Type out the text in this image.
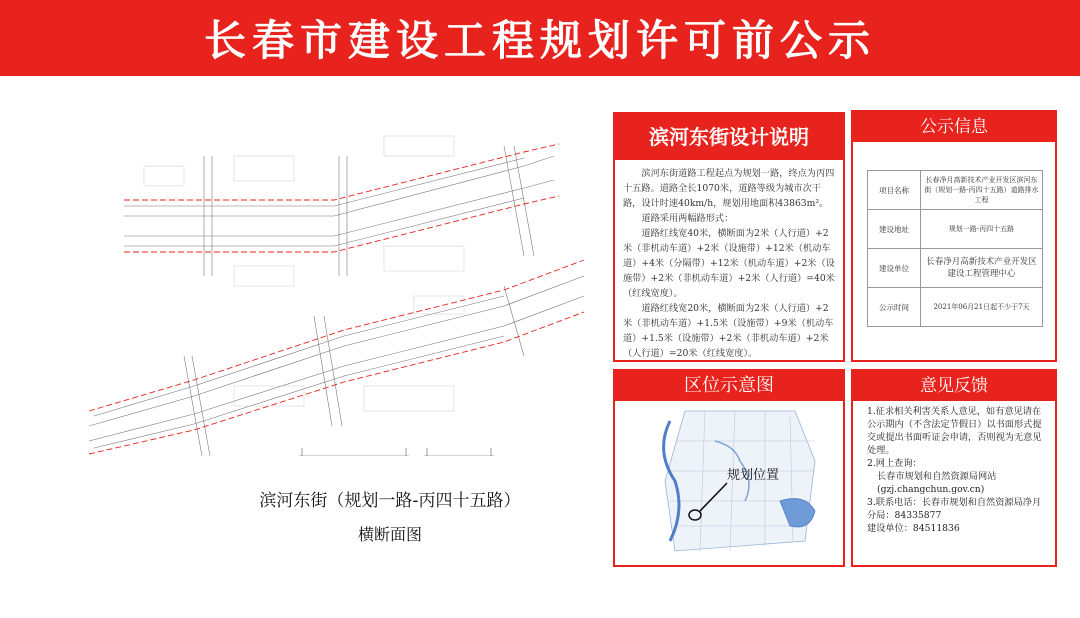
长春市建设工程规划许可前公示
滨河东街（规划一路-丙四十五路）
横断面图
滨河东街设计说明

滨河东街道路工程起点为规划一路，终点为丙四十五路。道路全长1070米，道路等级为城市次干路，设计时速40km/h，规划用地面积43863m²。

道路采用两幅路形式：

道路红线宽40米，横断面为2米（人行道）+2米（非机动车道）+2米（设施带）+12米（机动车道）+4米（分隔带）+12米（机动车道）+2米（设施带）+2米（非机动车道）+2米（人行道）=40米（红线宽度）。

道路红线宽20米，横断面为2米（人行道）+2米（非机动车道）+1.5米（设施带）+9米（机动车道）+1.5米（设施带）+2米（非机动车道）+2米（人行道）=20米（红线宽度）。

公示信息
项目名称	长春净月高新技术产业开发区滨河东街（规划一路-丙四十五路）道路排水工程
建设地址	规划一路-丙四十五路
建设单位	长春净月高新技术产业开发区建设工程管理中心
公示时间	2021年06月21日起不少于7天
区位示意图
规划位置
意见反馈
1.征求相关利害关系人意见，如有意见请在公示期内（不含法定节假日）以书面形式提交或提出书面听证会申请，否则视为无意见处理。
2.网上查询：
长春市规划和自然资源局网站
(gzj.changchun.gov.cn)
3.联系电话：长春市规划和自然资源局净月分局：84335877
建设单位：84511836
